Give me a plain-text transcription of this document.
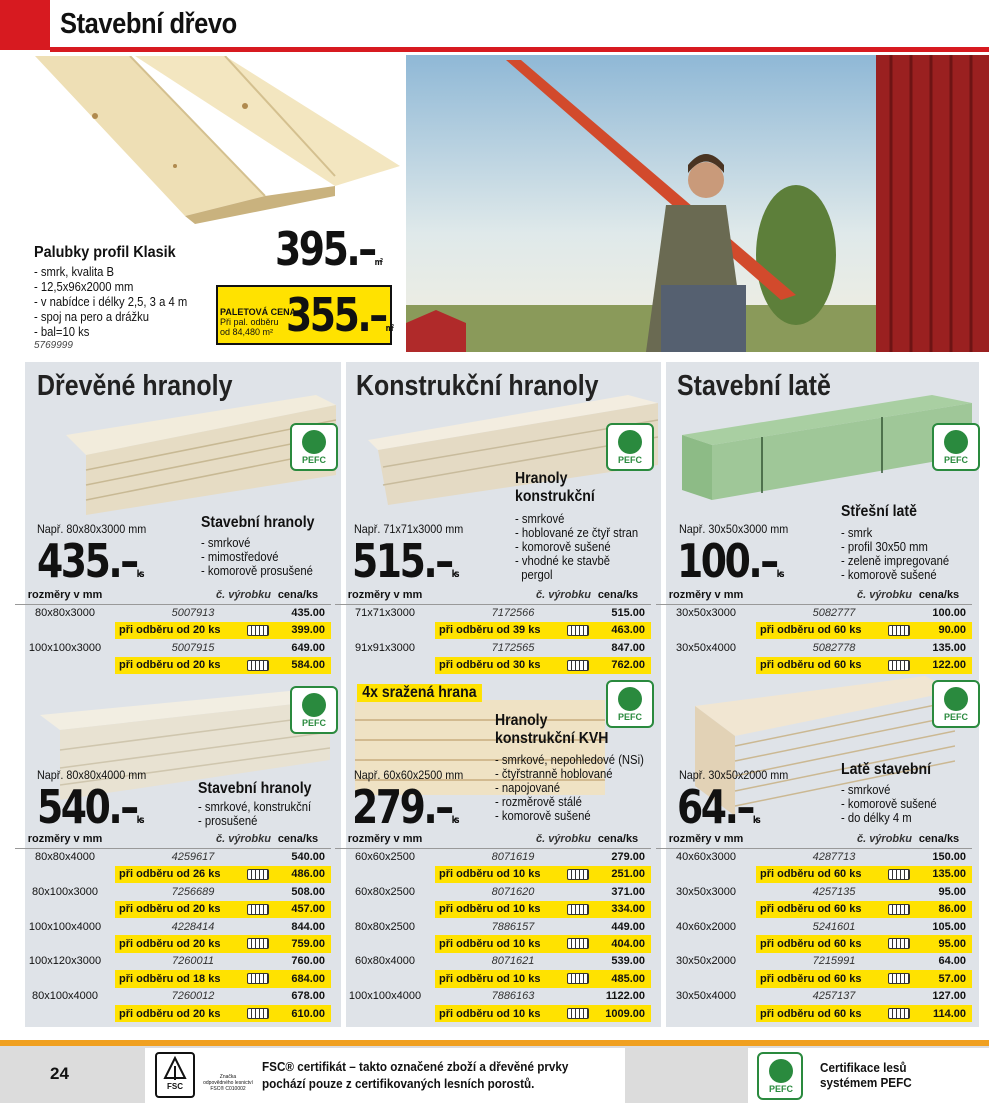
Stavební dřevo
Palubky profil Klasik
- smrk, kvalita B
- 12,5x96x2000 mm
- v nabídce i délky 2,5, 3 a 4 m
- spoj na pero a drážku
- bal=10 ks
5769999
395.–m²
PALETOVÁ CENA
Při pal. odběru
od 84,480 m² 355.–m²
Dřevěné hranoly
PEFC
Např. 80x80x3000 mm
435.–ks
Stavební hranoly
- smrkové
- mimostředové
- komorově prosušené
rozměry v mm	č. výrobku	cena/ks
80x80x3000	5007913	435.00
	při odběru od 20 ks	399.00
100x100x3000	5007915	649.00
	při odběru od 20 ks	584.00
PEFC
Např. 80x80x4000 mm
540.–ks
Stavební hranoly
- smrkové, konstrukční
- prosušené
rozměry v mm	č. výrobku	cena/ks
80x80x4000	4259617	540.00
	při odběru od 26 ks	486.00
80x100x3000	7256689	508.00
	při odběru od 20 ks	457.00
100x100x4000	4228414	844.00
	při odběru od 20 ks	759.00
100x120x3000	7260011	760.00
	při odběru od 18 ks	684.00
80x100x4000	7260012	678.00
	při odběru od 20 ks	610.00
Konstrukční hranoly
PEFC
Hranoly
konstrukční
- smrkové
- hoblované ze čtyř stran
- komorově sušené
- vhodné ke stavbě
pergol
Např. 71x71x3000 mm
515.–ks
rozměry v mm	č. výrobku	cena/ks
71x71x3000	7172566	515.00
	při odběru od 39 ks	463.00
91x91x3000	7172565	847.00
	při odběru od 30 ks	762.00
4x sražená hrana
PEFC
Hranoly
konstrukční KVH
- smrkové, nepohledové (NSi)
- čtyřstranně hoblované
- napojované
- rozměrově stálé
- komorově sušené
Např. 60x60x2500 mm
279.–ks
rozměry v mm	č. výrobku	cena/ks
60x60x2500	8071619	279.00
	při odběru od 10 ks	251.00
60x80x2500	8071620	371.00
	při odběru od 10 ks	334.00
80x80x2500	7886157	449.00
	při odběru od 10 ks	404.00
60x80x4000	8071621	539.00
	při odběru od 10 ks	485.00
100x100x4000	7886163	1122.00
	při odběru od 10 ks	1009.00
Stavební latě
PEFC
Střešní latě
- smrk
- profil 30x50 mm
- zeleně impregované
- komorově sušené
Např. 30x50x3000 mm
100.–ks
rozměry v mm	č. výrobku	cena/ks
30x50x3000	5082777	100.00
	při odběru od 60 ks	90.00
30x50x4000	5082778	135.00
	při odběru od 60 ks	122.00
PEFC
Latě stavební
- smrkové
- komorově sušené
- do délky 4 m
Např. 30x50x2000 mm
64.–ks
rozměry v mm	č. výrobku	cena/ks
40x60x3000	4287713	150.00
	při odběru od 60 ks	135.00
30x50x3000	4257135	95.00
	při odběru od 60 ks	86.00
40x60x2000	5241601	105.00
	při odběru od 60 ks	95.00
30x50x2000	7215991	64.00
	při odběru od 60 ks	57.00
30x50x4000	4257137	127.00
	při odběru od 60 ks	114.00
24
FSC
Značka
odpovědného lesnictví
FSC® C010002
FSC® certifikát – takto označené zboží a dřevěné prvky
pochází pouze z certifikovaných lesních porostů.	PEFC
Certifikace lesů
systémem PEFC
